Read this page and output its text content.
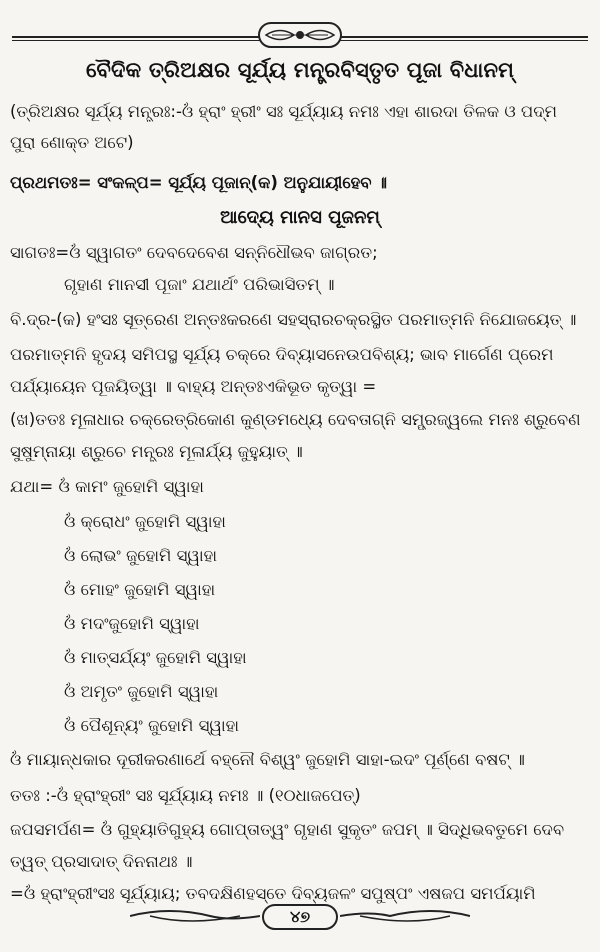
ବୈଦିକ ତ୍ରିଅକ୍ଷର ସୂର୍ଯ୍ୟ ମନ୍ତ୍ରବିସ୍ତୃତ ପୂଜା ବିଧାନମ୍
(ତ୍ରିଅକ୍ଷର ସୂର୍ଯ୍ୟ ମନ୍ତ୍ରଃ:-ଓଁ ହ୍ରାଂ ହ୍ରୀଂ ସଃ ସୂର୍ଯ୍ୟାୟ ନମଃ ଏହା ଶାରଦା ତିଳକ ଓ ପଦ୍ମ
ପୁରା ଣୋକ୍ତ ଅଟେ)
ପ୍ରଥମତଃ= ସଂକଳ୍ପ= ସୂର୍ଯ୍ୟ ପୂଜାନ୍‌(କ) ଅନୁଯାୟୀହେବ ॥
ଆଦ୍ୟେ ମାନସ ପୂଜନମ୍
ସାଗତଃ=ଓଁ ସ୍ୱାଗତଂ ଦେବଦେବେଶ ସନ୍ନିଧୌଭବ ଜାଗ୍ରତ;
ଗୃହାଣ ମାନସୀ ପୂଜାଂ ଯଥାର୍ଥଂ ପରିଭାସିତମ୍ ॥
ବି.ଦ୍ର-(କ) ହଂସଃ ସୂତ୍ରେଣ ଅନ୍ତଃକରଣେ ସହସ୍ରାରଚକ୍ରସ୍ଥିତ ପରମାତ୍ମନି ନିଯୋଜୟେତ୍ ॥
ପରମାତ୍ମନି ହୃଦୟ ସମିପସ୍ଥ ସୂର୍ଯ୍ୟ ଚକ୍ରେ ଦିବ୍ୟାସନେଉପବିଶ୍ୟ; ଭାବ ମାର୍ଗେଣ ପ୍ରେମ
ପର୍ଯ୍ୟାୟେନ ପୂଜୟିତ୍ୱା ॥ ବାହ୍ୟ ଅନ୍ତଃଏକିଭୂତ କୃତ୍ୱା =
(ଖ)ତତଃ ମୂଳାଧାର ଚକ୍ରେତ୍ରିକୋଣ କୁଣ୍ଡମଧ୍ୟେ ଦେବତାଗ୍ନି ସମ୍ପ୍ରଜ୍ୱଲେ ମନଃ ଶ୍ରୁବେଣ
ସୁଷୁମ୍ନାୟା ଶ୍ରୁଚେ ମନ୍ତ୍ରଃ ମୂଳାର୍ଯ୍ୟ ଜୁହୁୟାତ୍ ॥
ଯଥା= ଓଁ କାମଂ ଜୁହୋମି ସ୍ୱାହା
ଓଁ କ୍ରୋଧଂ ଜୁହୋମି ସ୍ୱାହା
ଓଁ ଲୋଭଂ ଜୁହୋମି ସ୍ୱାହା
ଓଁ ମୋହଂ ଜୁହୋମି ସ୍ୱାହା
ଓଁ ମଦଂଜୁହୋମି ସ୍ୱାହା
ଓଁ ମାତ୍ସର୍ଯ୍ୟଂ ଜୁହୋମି ସ୍ୱାହା
ଓଁ ଅମୃତଂ ଜୁହୋମି ସ୍ୱାହା
ଓଁ ପୈଶୂନ୍ୟଂ ଜୁହୋମି ସ୍ୱାହା
ଓଁ ମାୟାନ୍ଧକାର ଦୂରୀକରଣାର୍ଥେ ବହ୍ନୌ ବିଶ୍ୱଂ ଜୁହୋମି ସାହା-ଇଦଂ ପୂର୍ଣ୍ଣେ ବଷଟ୍ ॥
ତତଃ :-ଓଁ ହ୍ରାଂହ୍ରୀଂ ସଃ ସୂର୍ଯ୍ୟାୟ ନମଃ ॥ (୧୦ଧାଜପେତ୍)
ଜପସମର୍ପଣ= ଓଁ ଗୁହ୍ୟାତିଗୁହ୍ୟ ଗୋପ୍ତାତ୍ୱଂ ଗୃହାଣ ସୁକୃତଂ ଜପମ୍ ॥ ସିଦ୍ଧିଭବତୁମେ ଦେବ
ତ୍ୱତ୍ ପ୍ରସାଦାତ୍ ଦିନନାଥଃ ॥
=ଓଁ ହ୍ରାଂହ୍ରୀଂସଃ ସୂର୍ଯ୍ୟାୟ; ତବଦକ୍ଷିଣହସ୍ତେ ଦିବ୍ୟଜଳଂ ସପୁଷ୍ପଂ ଏଷଜପ ସମର୍ପୟାମି
୪୭
